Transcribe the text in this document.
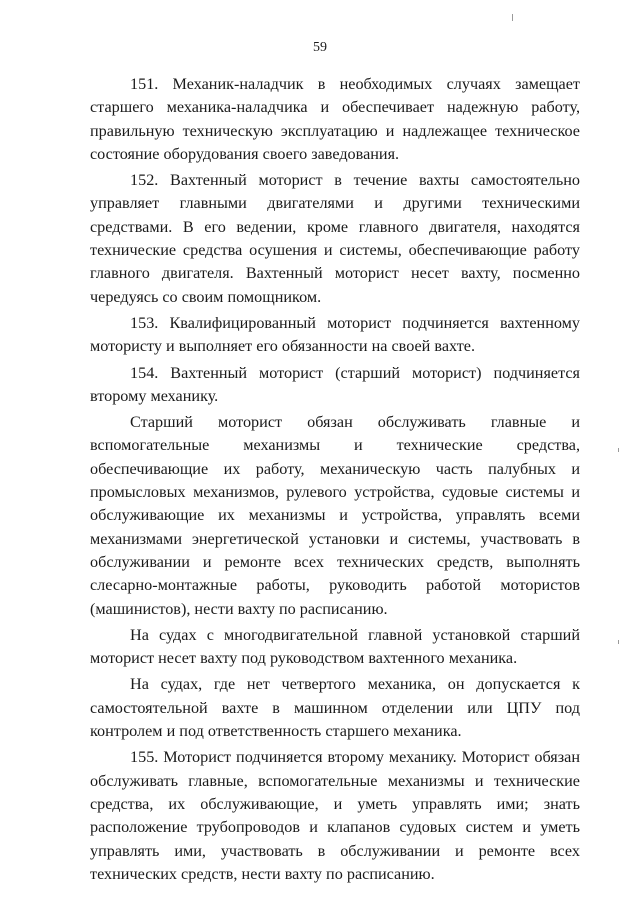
59

151. Механик-наладчик в необходимых случаях замещает старшего механика-наладчика и обеспечивает надежную работу, правильную техническую эксплуатацию и надлежащее техническое состояние оборудования своего заведования.

152. Вахтенный моторист в течение вахты самостоятельно управляет главными двигателями и другими техническими средствами. В его ведении, кроме главного двигателя, находятся технические средства осушения и системы, обеспечивающие работу главного двигателя. Вахтенный моторист несет вахту, посменно чередуясь со своим помощником.

153. Квалифицированный моторист подчиняется вахтенному мотористу и выполняет его обязанности на своей вахте.

154. Вахтенный моторист (старший моторист) подчиняется второму механику.

Старший моторист обязан обслуживать главные и вспомогательные механизмы и технические средства, обеспечивающие их работу, механическую часть палубных и промысловых механизмов, рулевого устройства, судовые системы и обслуживающие их механизмы и устройства, управлять всеми механизмами энергетической установки и системы, участвовать в обслуживании и ремонте всех технических средств, выполнять слесарно-монтажные работы, руководить работой мотористов (машинистов), нести вахту по расписанию.

На судах с многодвигательной главной установкой старший моторист несет вахту под руководством вахтенного механика.

На судах, где нет четвертого механика, он допускается к самостоятельной вахте в машинном отделении или ЦПУ под контролем и под ответственность старшего механика.

155. Моторист подчиняется второму механику. Моторист обязан обслуживать главные, вспомогательные механизмы и технические средства, их обслуживающие, и уметь управлять ими; знать расположение трубопроводов и клапанов судовых систем и уметь управлять ими, участвовать в обслуживании и ремонте всех технических средств, нести вахту по расписанию.
